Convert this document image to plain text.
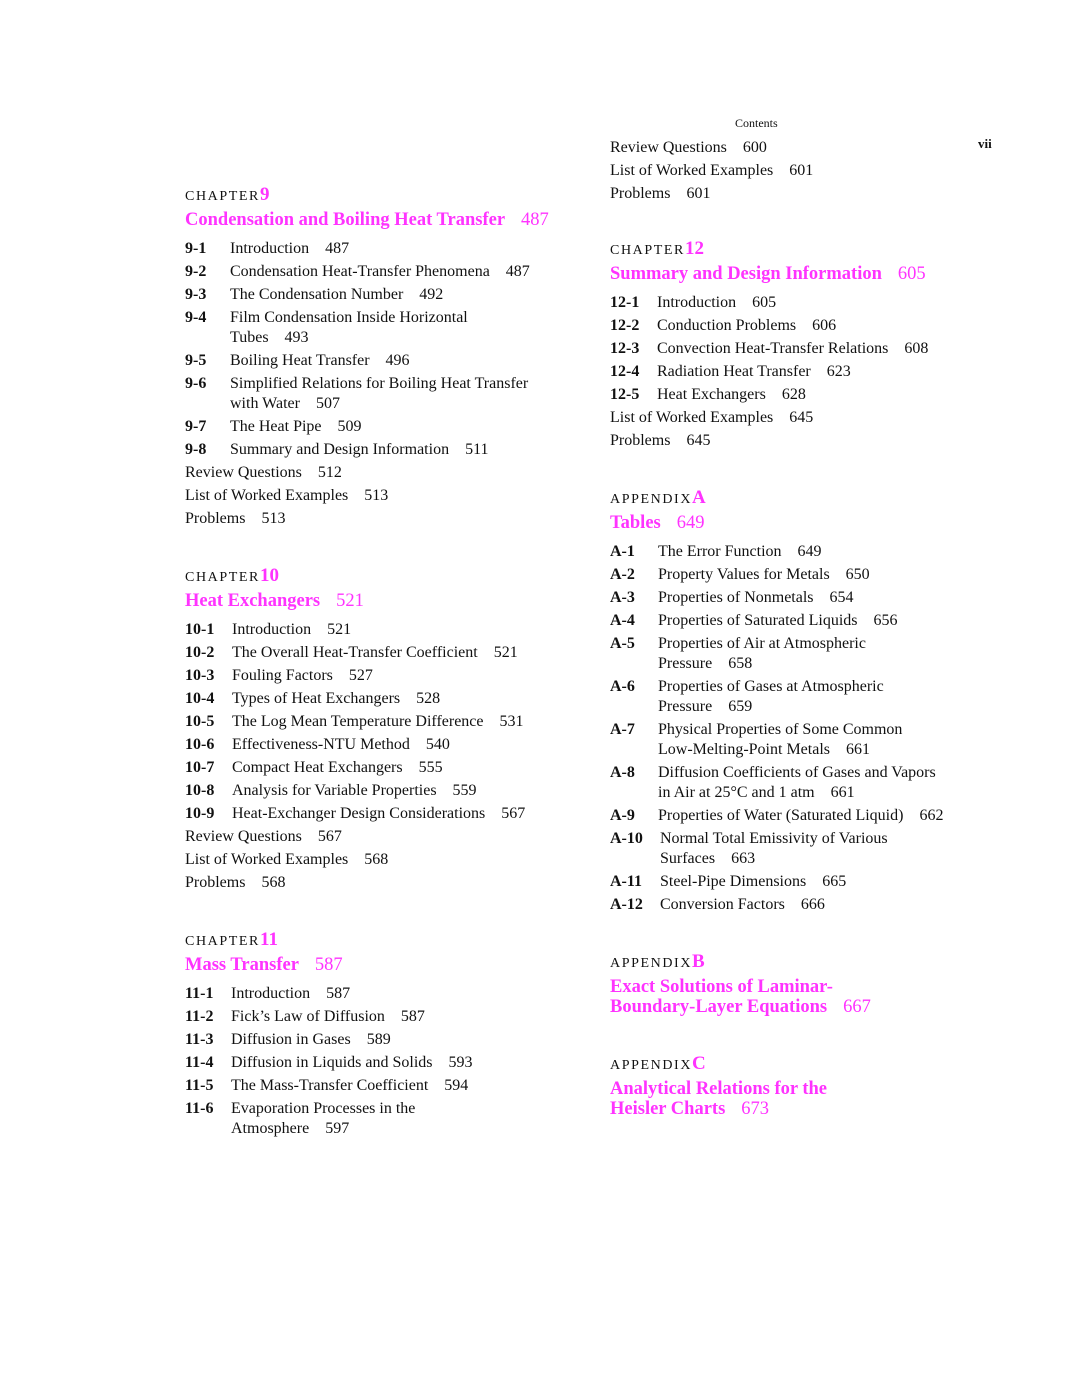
Contents
vii
CHAPTER9
Condensation and Boiling Heat Transfer 487
9-1	Introduction 487
9-2	Condensation Heat-Transfer Phenomena 487
9-3	The Condensation Number 492
9-4	Film Condensation Inside Horizontal
Tubes 493
9-5	Boiling Heat Transfer 496
9-6	Simplified Relations for Boiling Heat Transfer
with Water 507
9-7	The Heat Pipe 509
9-8	Summary and Design Information 511
Review Questions 512
List of Worked Examples 513
Problems 513
CHAPTER10
Heat Exchangers 521
10-1	Introduction 521
10-2	The Overall Heat-Transfer Coefficient 521
10-3	Fouling Factors 527
10-4	Types of Heat Exchangers 528
10-5	The Log Mean Temperature Difference 531
10-6	Effectiveness-NTU Method 540
10-7	Compact Heat Exchangers 555
10-8	Analysis for Variable Properties 559
10-9	Heat-Exchanger Design Considerations 567
Review Questions 567
List of Worked Examples 568
Problems 568
CHAPTER11
Mass Transfer 587
11-1	Introduction 587
11-2	Fick’s Law of Diffusion 587
11-3	Diffusion in Gases 589
11-4	Diffusion in Liquids and Solids 593
11-5	The Mass-Transfer Coefficient 594
11-6	Evaporation Processes in the
Atmosphere 597
Review Questions 600
List of Worked Examples 601
Problems 601
CHAPTER12
Summary and Design Information 605
12-1	Introduction 605
12-2	Conduction Problems 606
12-3	Convection Heat-Transfer Relations 608
12-4	Radiation Heat Transfer 623
12-5	Heat Exchangers 628
List of Worked Examples 645
Problems 645
APPENDIXA
Tables 649
A-1	The Error Function 649
A-2	Property Values for Metals 650
A-3	Properties of Nonmetals 654
A-4	Properties of Saturated Liquids 656
A-5	Properties of Air at Atmospheric
Pressure 658
A-6	Properties of Gases at Atmospheric
Pressure 659
A-7	Physical Properties of Some Common
Low-Melting-Point Metals 661
A-8	Diffusion Coefficients of Gases and Vapors
in Air at 25°C and 1 atm 661
A-9	Properties of Water (Saturated Liquid) 662
A-10	Normal Total Emissivity of Various
Surfaces 663
A-11	Steel-Pipe Dimensions 665
A-12	Conversion Factors 666
APPENDIXB
Exact Solutions of Laminar-
Boundary-Layer Equations 667
APPENDIXC
Analytical Relations for the
Heisler Charts 673
